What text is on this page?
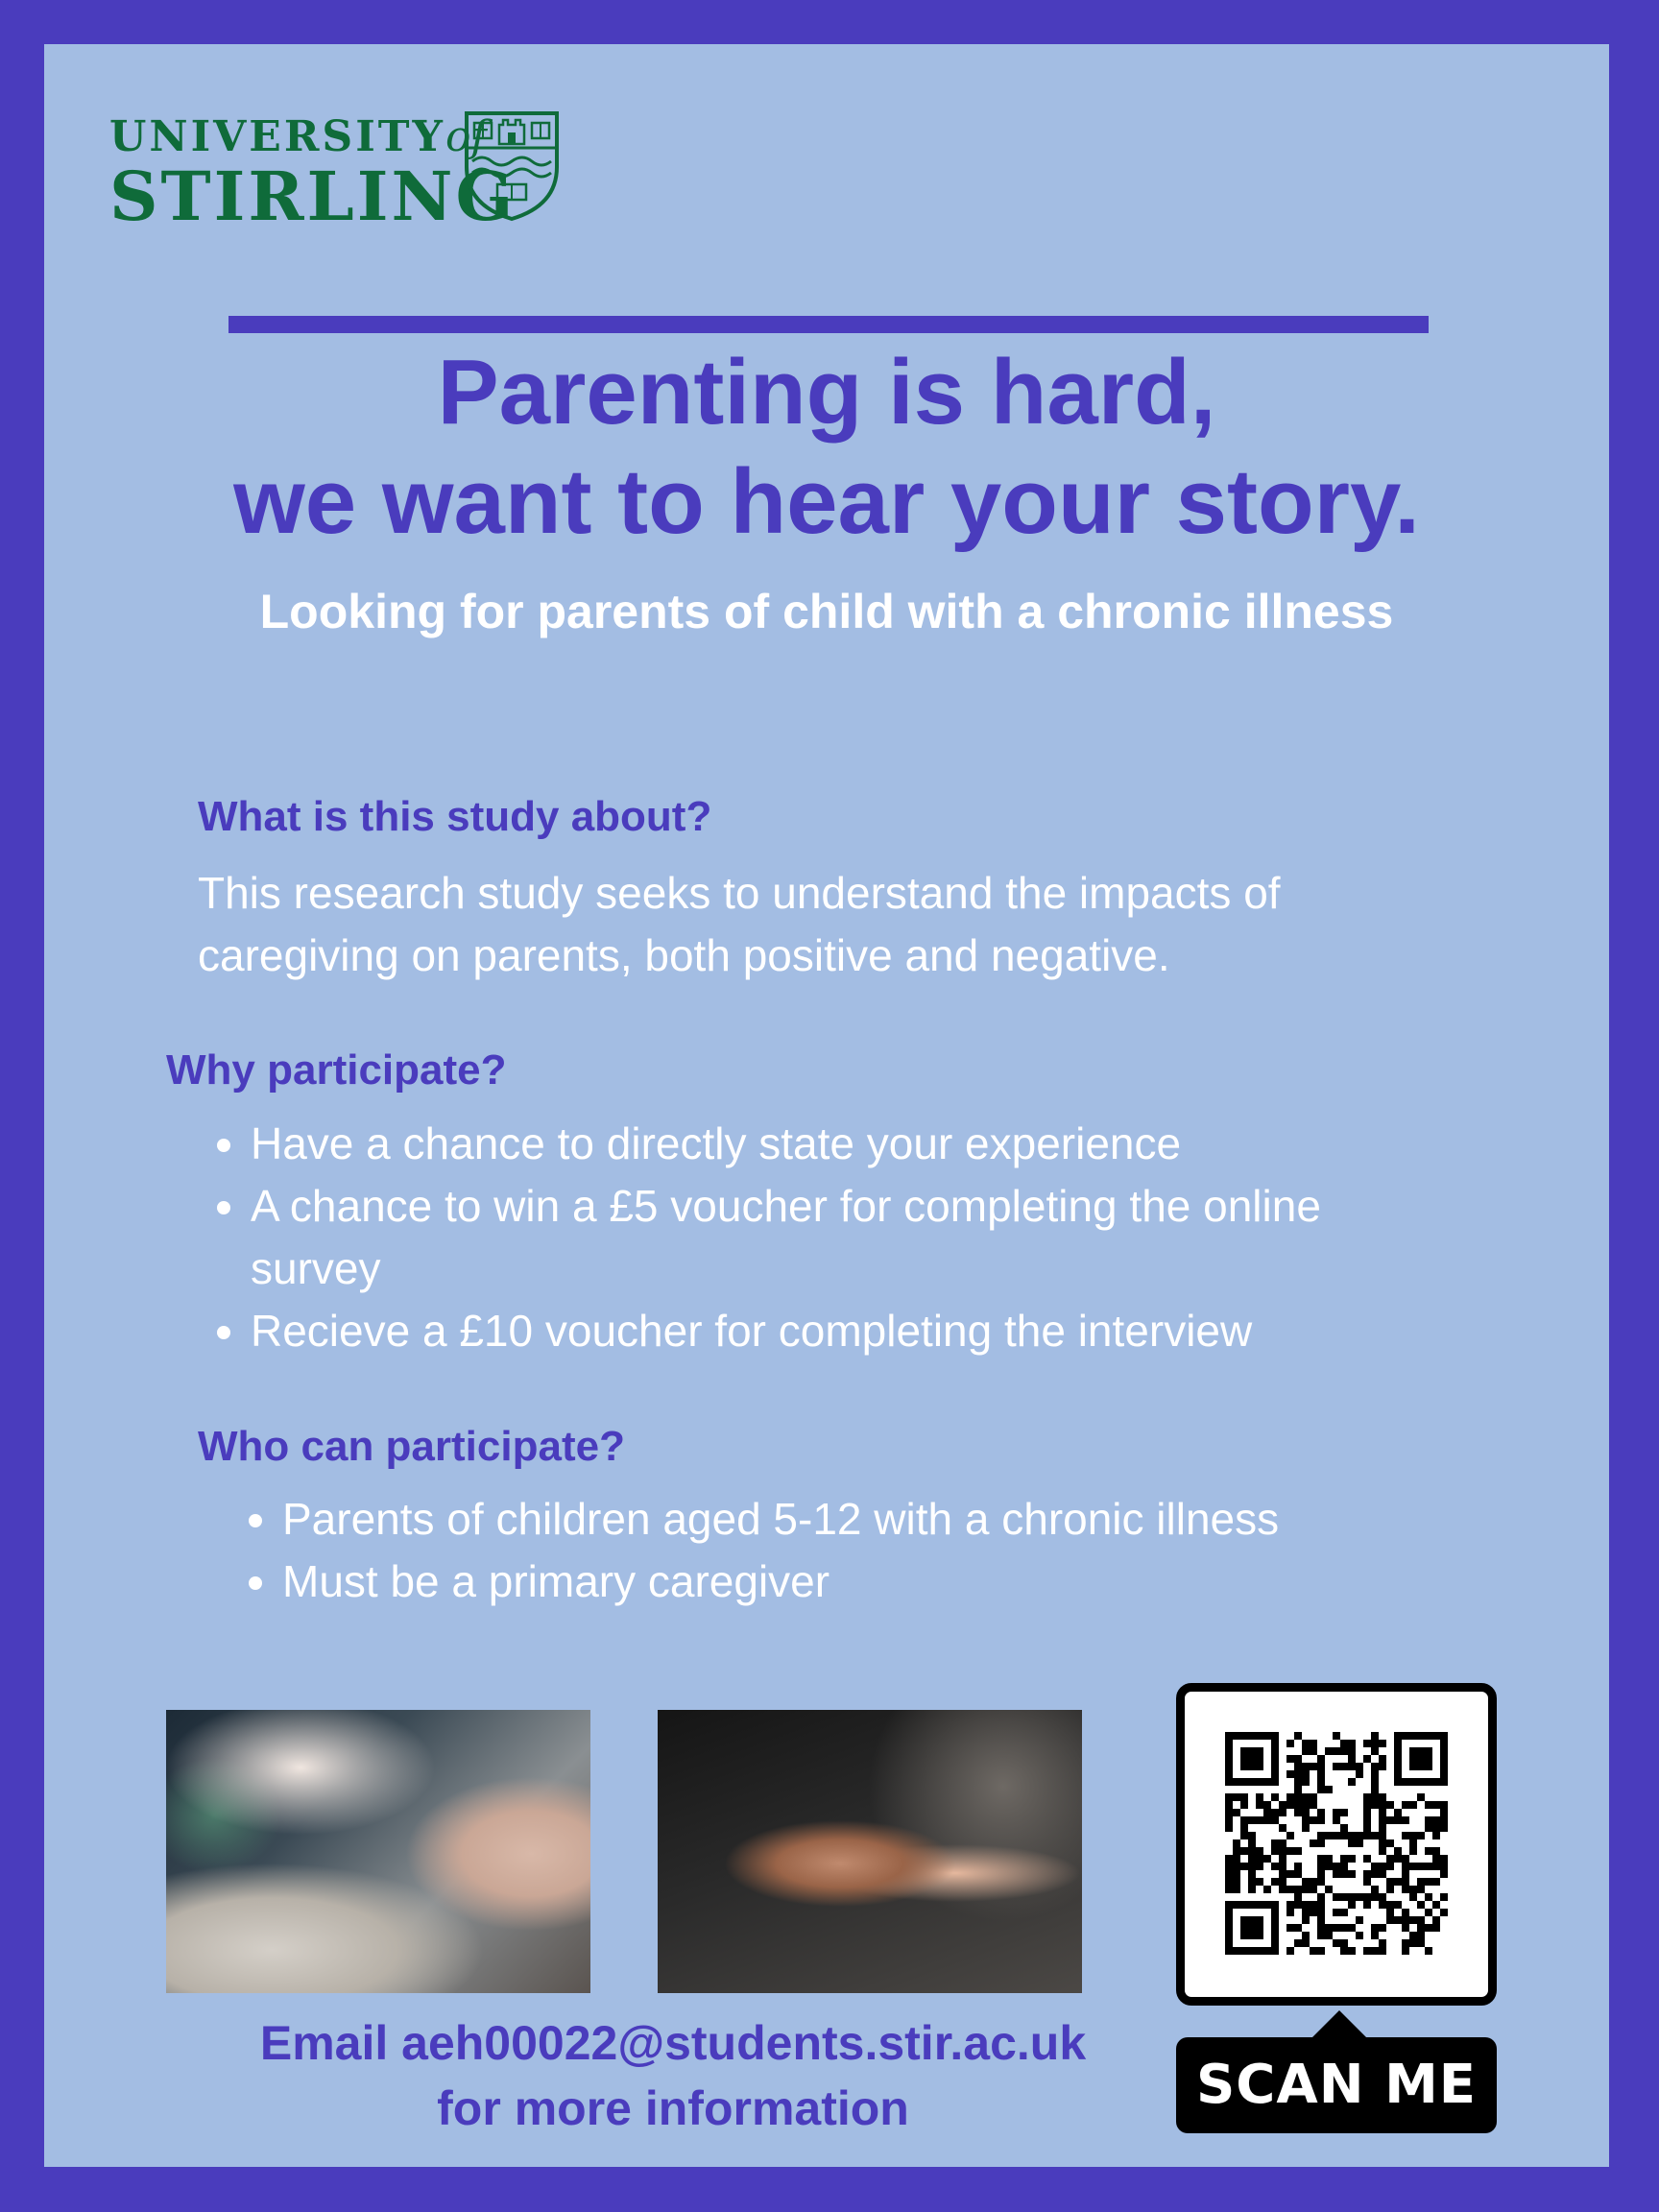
UNIVERSITYof
STIRLING
Parenting is hard,
we want to hear your story.
Looking for parents of child with a chronic illness
What is this study about?
This research study seeks to understand the impacts of
caregiving on parents, both positive and negative.
Why participate?
• Have a chance to directly state your experience
• A chance to win a £5 voucher for completing the online survey
• Recieve a £10 voucher for completing the interview
Who can participate?
• Parents of children aged 5-12 with a chronic illness
• Must be a primary caregiver
Email aeh00022@students.stir.ac.uk
for more information	SCAN ME
